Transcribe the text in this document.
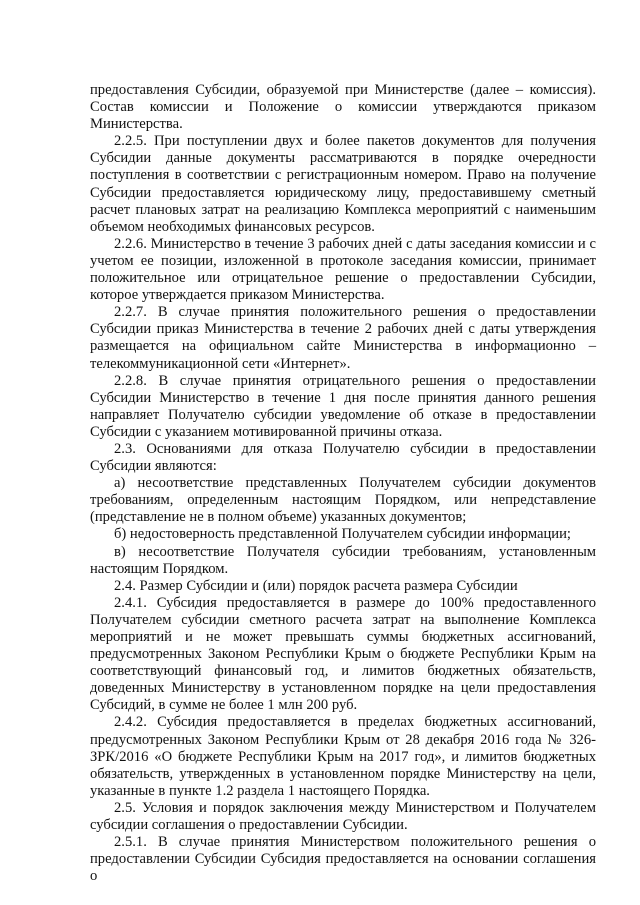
предоставления Субсидии, образуемой при Министерстве (далее – комиссия). Состав комиссии и Положение о комиссии утверждаются приказом Министерства.

2.2.5. При поступлении двух и более пакетов документов для получения Субсидии данные документы рассматриваются в порядке очередности поступления в соответствии с регистрационным номером. Право на получение Субсидии предоставляется юридическому лицу, предоставившему сметный расчет плановых затрат на реализацию Комплекса мероприятий с наименьшим объемом необходимых финансовых ресурсов.

2.2.6. Министерство в течение 3 рабочих дней с даты заседания комиссии и с учетом ее позиции, изложенной в протоколе заседания комиссии, принимает положительное или отрицательное решение о предоставлении Субсидии, которое утверждается приказом Министерства.

2.2.7. В случае принятия положительного решения о предоставлении Субсидии приказ Министерства в течение 2 рабочих дней с даты утверждения размещается на официальном сайте Министерства в информационно – телекоммуникационной сети «Интернет».

2.2.8. В случае принятия отрицательного решения о предоставлении Субсидии Министерство в течение 1 дня после принятия данного решения направляет Получателю субсидии уведомление об отказе в предоставлении Субсидии с указанием мотивированной причины отказа.

2.3. Основаниями для отказа Получателю субсидии в предоставлении Субсидии являются:

а) несоответствие представленных Получателем субсидии документов требованиям, определенным настоящим Порядком, или непредставление (представление не в полном объеме) указанных документов;

б) недостоверность представленной Получателем субсидии информации;

в) несоответствие Получателя субсидии требованиям, установленным настоящим Порядком.

2.4. Размер Субсидии и (или) порядок расчета размера Субсидии

2.4.1. Субсидия предоставляется в размере до 100% предоставленного Получателем субсидии сметного расчета затрат на выполнение Комплекса мероприятий и не может превышать суммы бюджетных ассигнований, предусмотренных Законом Республики Крым о бюджете Республики Крым на соответствующий финансовый год, и лимитов бюджетных обязательств, доведенных Министерству в установленном порядке на цели предоставления Субсидий, в сумме не более 1 млн 200 руб.

2.4.2. Субсидия предоставляется в пределах бюджетных ассигнований, предусмотренных Законом Республики Крым от 28 декабря 2016 года № 326-ЗРК/2016 «О бюджете Республики Крым на 2017 год», и лимитов бюджетных обязательств, утвержденных в установленном порядке Министерству на цели, указанные в пункте 1.2 раздела 1 настоящего Порядка.

2.5. Условия и порядок заключения между Министерством и Получателем субсидии соглашения о предоставлении Субсидии.

2.5.1. В случае принятия Министерством положительного решения о предоставлении Субсидии Субсидия предоставляется на основании соглашения о
